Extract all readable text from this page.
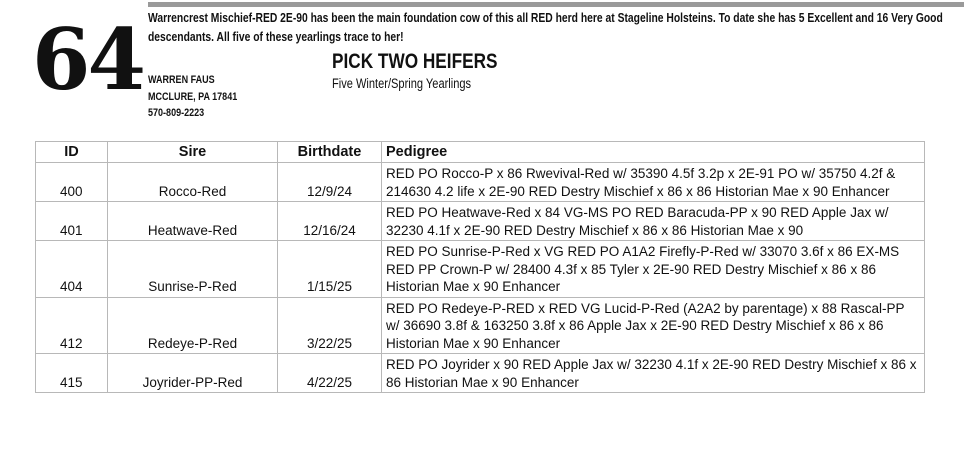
64 Warrencrest Mischief-RED 2E-90 has been the main foundation cow of this all RED herd here at Stageline Holsteins. To date she has 5 Excellent and 16 Very Good descendants. All five of these yearlings trace to her!
WARREN FAUS
MCCLURE, PA 17841
570-809-2223
PICK TWO HEIFERS
Five Winter/Spring Yearlings
ID	Sire	Birthdate	Pedigree
400	Rocco-Red	12/9/24	RED PO Rocco-P x 86 Rwevival-Red w/ 35390 4.5f 3.2p x 2E-91 PO w/ 35750 4.2f & 214630 4.2 life x 2E-90 RED Destry Mischief x 86 x 86 Historian Mae x 90 Enhancer
401	Heatwave-Red	12/16/24	RED PO Heatwave-Red x 84 VG-MS PO RED Baracuda-PP x 90 RED Apple Jax w/ 32230 4.1f x 2E-90 RED Destry Mischief x 86 x 86 Historian Mae x 90
404	Sunrise-P-Red	1/15/25	RED PO Sunrise-P-Red x VG RED PO A1A2 Firefly-P-Red w/ 33070 3.6f x 86 EX-MS RED PP Crown-P w/ 28400 4.3f x 85 Tyler x 2E-90 RED Destry Mischief x 86 x 86 Historian Mae x 90 Enhancer
412	Redeye-P-Red	3/22/25	RED PO Redeye-P-RED x RED VG Lucid-P-Red (A2A2 by parentage) x 88 Rascal-PP w/ 36690 3.8f & 163250 3.8f x 86 Apple Jax x 2E-90 RED Destry Mischief x 86 x 86 Historian Mae x 90 Enhancer
415	Joyrider-PP-Red	4/22/25	RED PO Joyrider x 90 RED Apple Jax w/ 32230 4.1f x 2E-90 RED Destry Mischief x 86 x 86 Historian Mae x 90 Enhancer
